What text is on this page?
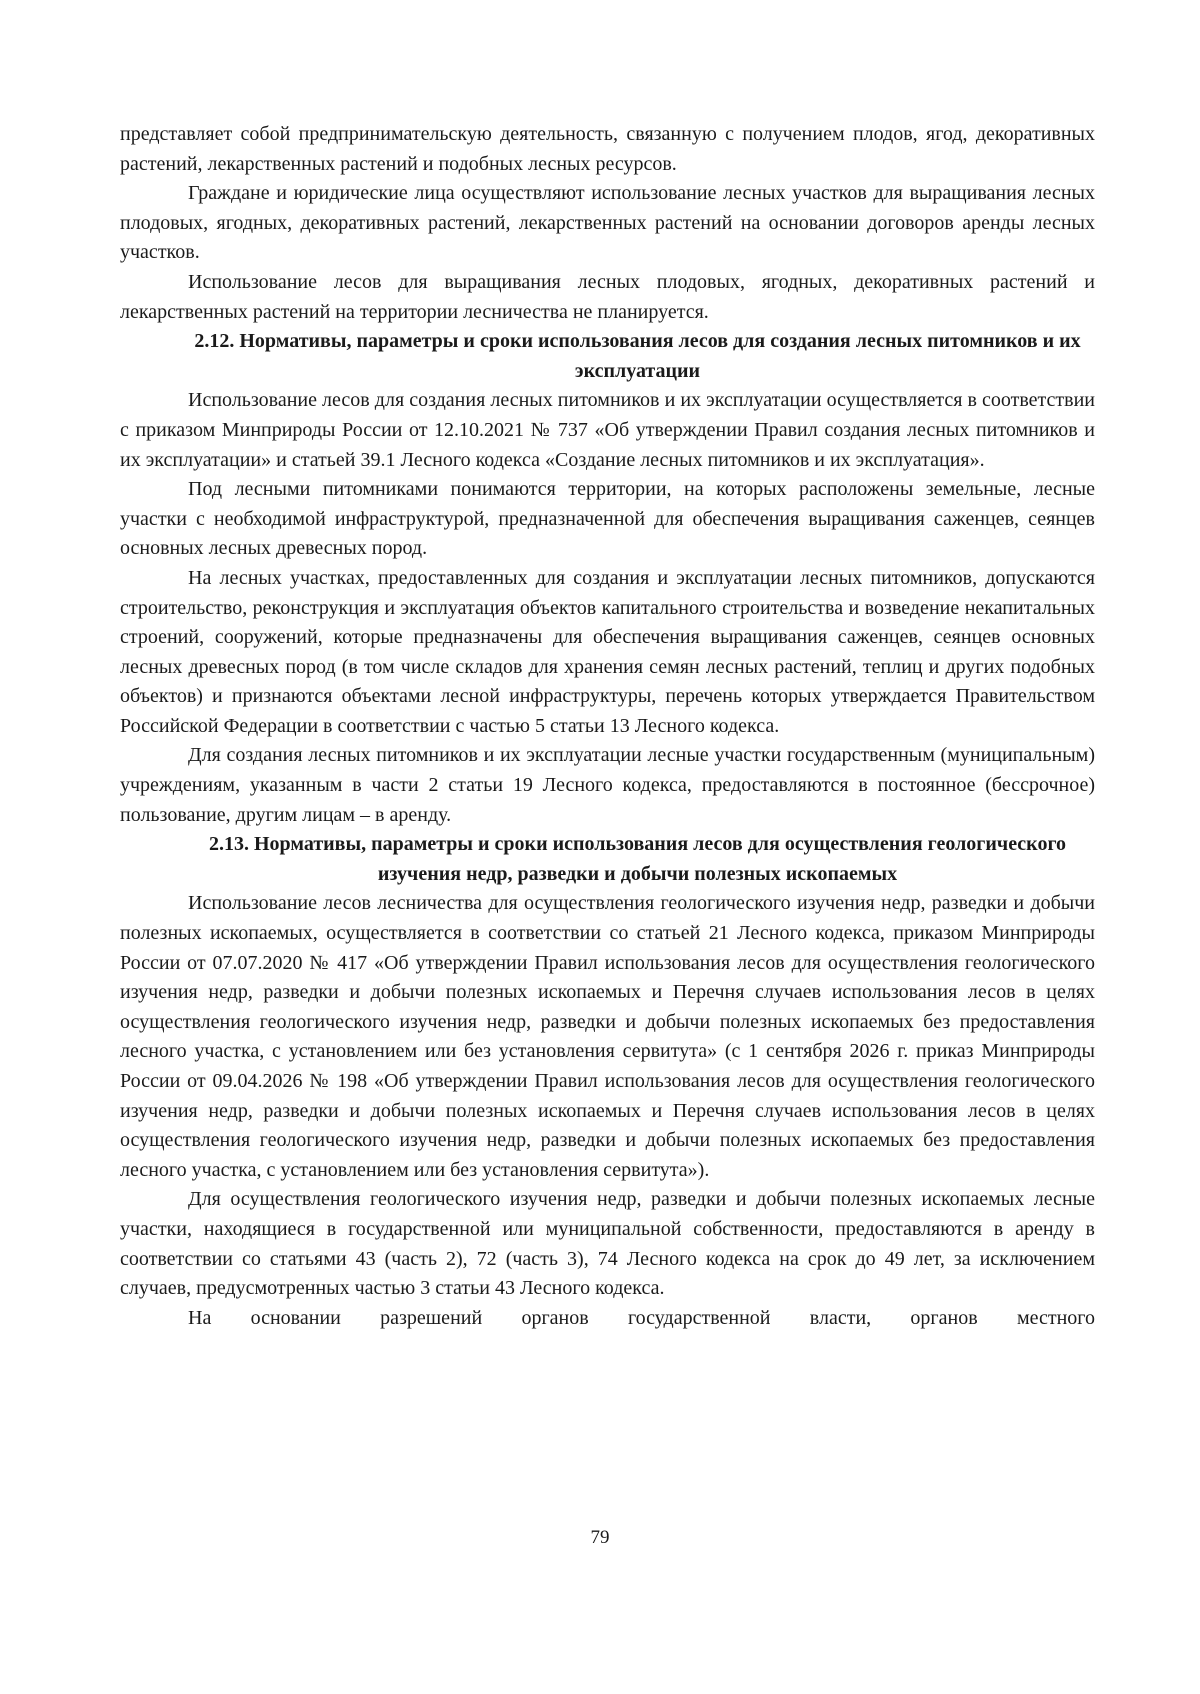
представляет собой предпринимательскую деятельность, связанную с получением плодов, ягод, декоративных растений, лекарственных растений и подобных лесных ресурсов.

Граждане и юридические лица осуществляют использование лесных участков для выращивания лесных плодовых, ягодных, декоративных растений, лекарственных растений на основании договоров аренды лесных участков.

Использование лесов для выращивания лесных плодовых, ягодных, декоративных растений и лекарственных растений на территории лесничества не планируется.

2.12. Нормативы, параметры и сроки использования лесов для создания лесных питомников и их эксплуатации

Использование лесов для создания лесных питомников и их эксплуатации осуществляется в соответствии с приказом Минприроды России от 12.10.2021 № 737 «Об утверждении Правил создания лесных питомников и их эксплуатации» и статьей 39.1 Лесного кодекса «Создание лесных питомников и их эксплуатация».

Под лесными питомниками понимаются территории, на которых расположены земельные, лесные участки с необходимой инфраструктурой, предназначенной для обеспечения выращивания саженцев, сеянцев основных лесных древесных пород.

На лесных участках, предоставленных для создания и эксплуатации лесных питомников, допускаются строительство, реконструкция и эксплуатация объектов капитального строительства и возведение некапитальных строений, сооружений, которые предназначены для обеспечения выращивания саженцев, сеянцев основных лесных древесных пород (в том числе складов для хранения семян лесных растений, теплиц и других подобных объектов) и признаются объектами лесной инфраструктуры, перечень которых утверждается Правительством Российской Федерации в соответствии с частью 5 статьи 13 Лесного кодекса.

Для создания лесных питомников и их эксплуатации лесные участки государственным (муниципальным) учреждениям, указанным в части 2 статьи 19 Лесного кодекса, предоставляются в постоянное (бессрочное) пользование, другим лицам – в аренду.

2.13. Нормативы, параметры и сроки использования лесов для осуществления геологического изучения недр, разведки и добычи полезных ископаемых

Использование лесов лесничества для осуществления геологического изучения недр, разведки и добычи полезных ископаемых, осуществляется в соответствии со статьей 21 Лесного кодекса, приказом Минприроды России от 07.07.2020 № 417 «Об утверждении Правил использования лесов для осуществления геологического изучения недр, разведки и добычи полезных ископаемых и Перечня случаев использования лесов в целях осуществления геологического изучения недр, разведки и добычи полезных ископаемых без предоставления лесного участка, с установлением или без установления сервитута» (с 1 сентября 2026 г. приказ Минприроды России от 09.04.2026 № 198 «Об утверждении Правил использования лесов для осуществления геологического изучения недр, разведки и добычи полезных ископаемых и Перечня случаев использования лесов в целях осуществления геологического изучения недр, разведки и добычи полезных ископаемых без предоставления лесного участка, с установлением или без установления сервитута»).

Для осуществления геологического изучения недр, разведки и добычи полезных ископаемых лесные участки, находящиеся в государственной или муниципальной собственности, предоставляются в аренду в соответствии со статьями 43 (часть 2), 72 (часть 3), 74 Лесного кодекса на срок до 49 лет, за исключением случаев, предусмотренных частью 3 статьи 43 Лесного кодекса.

На основании разрешений органов государственной власти, органов местного

79
